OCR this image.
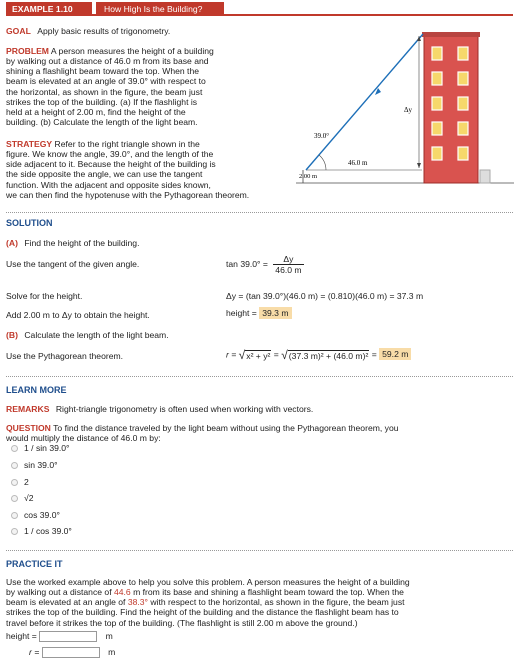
EXAMPLE 1.10	How High Is the Building?
GOAL Apply basic results of trigonometry.
PROBLEM A person measures the height of a building
by walking out a distance of 46.0 m from its base and
shining a flashlight beam toward the top. When the
beam is elevated at an angle of 39.0° with respect to
the horizontal, as shown in the figure, the beam just
strikes the top of the building. (a) If the flashlight is
held at a height of 2.00 m, find the height of the
building. (b) Calculate the length of the light beam.
STRATEGY Refer to the right triangle shown in the
figure. We know the angle, 39.0°, and the length of the
side adjacent to it. Because the height of the building is
the side opposite the angle, we can use the tangent
function. With the adjacent and opposite sides known,
we can then find the hypotenuse with the Pythagorean theorem.
39.0°
46.0 m
2.00 m
Δy
SOLUTION
(A) Find the height of the building.
Use the tangent of the given angle.	$\tan 39.0^\circ = \frac{\Delta y}{46.0 m}$
Solve for the height.	Δy = (tan 39.0°)(46.0 m) = (0.810)(46.0 m) = 37.3 m
Add 2.00 m to Δy to obtain the height.	height = 39.3 m
(B) Calculate the length of the light beam.
Use the Pythagorean theorem.	r = √x² + y² = √(37.3 m)² + (46.0 m)² = 59.2 m
LEARN MORE
REMARKS Right-triangle trigonometry is often used when working with vectors.
QUESTION To find the distance traveled by the light beam without using the Pythagorean theorem, you
would multiply the distance of 46.0 m by:
1 / sin 39.0°
sin 39.0°
2
√2
cos 39.0°
1 / cos 39.0°
PRACTICE IT
Use the worked example above to help you solve this problem. A person measures the height of a building
by walking out a distance of 44.6 m from its base and shining a flashlight beam toward the top. When the
beam is elevated at an angle of 38.3° with respect to the horizontal, as shown in the figure, the beam just
strikes the top of the building. Find the height of the building and the distance the flashlight beam has to
travel before it strikes the top of the building. (The flashlight is still 2.00 m above the ground.)
height =	m
r =	m
